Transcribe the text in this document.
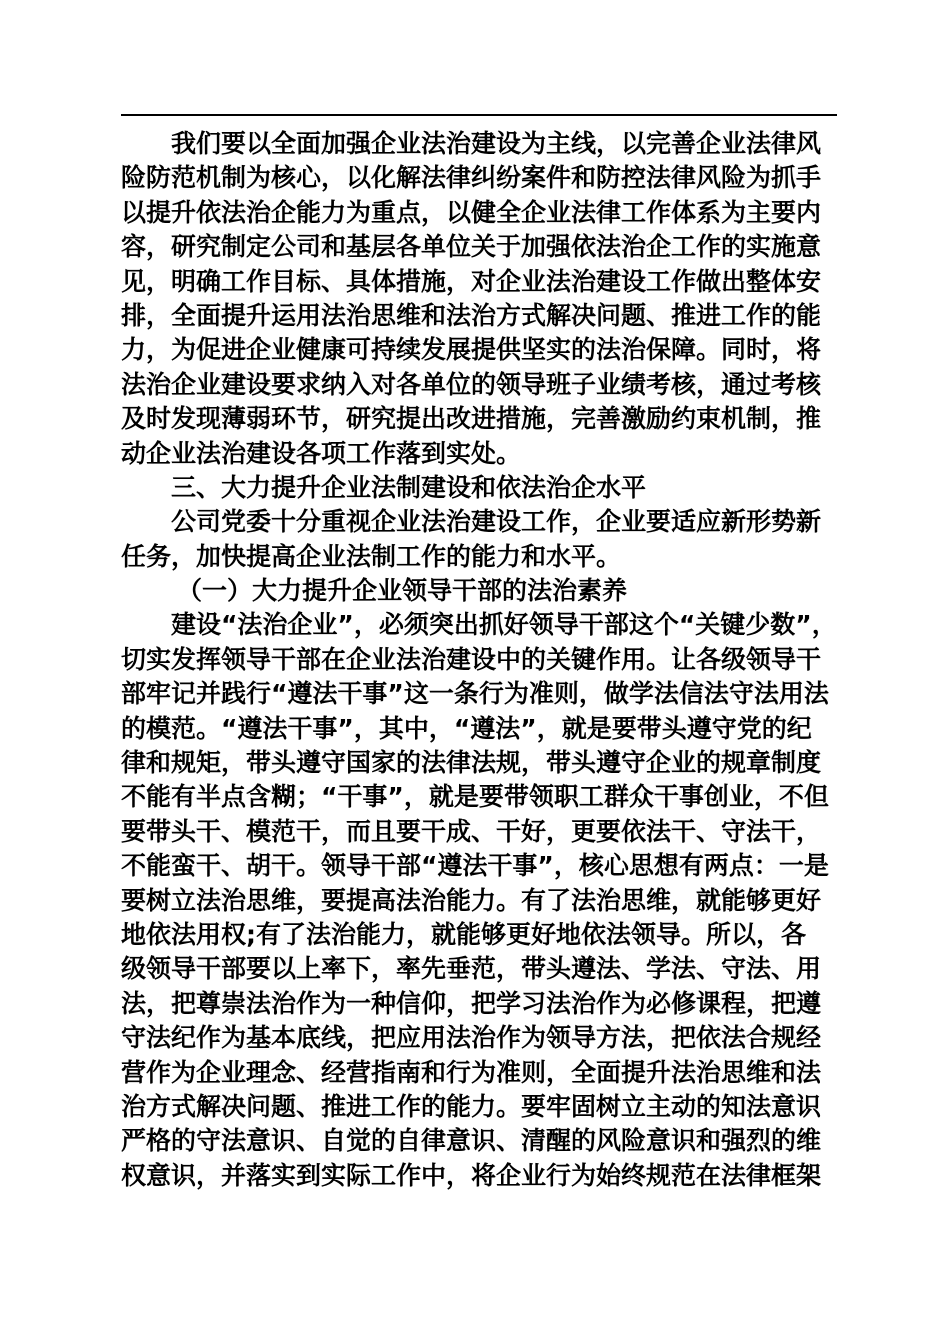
我们要以全面加强企业法治建设为主线，以完善企业法律风
险防范机制为核心，以化解法律纠纷案件和防控法律风险为抓手
以提升依法治企能力为重点，以健全企业法律工作体系为主要内
容，研究制定公司和基层各单位关于加强依法治企工作的实施意
见，明确工作目标、具体措施，对企业法治建设工作做出整体安
排，全面提升运用法治思维和法治方式解决问题、推进工作的能
力，为促进企业健康可持续发展提供坚实的法治保障。同时，将
法治企业建设要求纳入对各单位的领导班子业绩考核，通过考核
及时发现薄弱环节，研究提出改进措施，完善激励约束机制，推
动企业法治建设各项工作落到实处。
三、大力提升企业法制建设和依法治企水平
公司党委十分重视企业法治建设工作，企业要适应新形势新
任务，加快提高企业法制工作的能力和水平。
（一）大力提升企业领导干部的法治素养
建设“法治企业”，必须突出抓好领导干部这个“关键少数”，
切实发挥领导干部在企业法治建设中的关键作用。让各级领导干
部牢记并践行“遵法干事”这一条行为准则，做学法信法守法用法
的模范。“遵法干事”，其中，“遵法”，就是要带头遵守党的纪
律和规矩，带头遵守国家的法律法规，带头遵守企业的规章制度
不能有半点含糊；“干事”，就是要带领职工群众干事创业，不但
要带头干、模范干，而且要干成、干好，更要依法干、守法干，
不能蛮干、胡干。领导干部“遵法干事”，核心思想有两点：一是
要树立法治思维，要提高法治能力。有了法治思维，就能够更好
地依法用权;有了法治能力，就能够更好地依法领导。所以，各
级领导干部要以上率下，率先垂范，带头遵法、学法、守法、用
法，把尊崇法治作为一种信仰，把学习法治作为必修课程，把遵
守法纪作为基本底线，把应用法治作为领导方法，把依法合规经
营作为企业理念、经营指南和行为准则，全面提升法治思维和法
治方式解决问题、推进工作的能力。要牢固树立主动的知法意识
严格的守法意识、自觉的自律意识、清醒的风险意识和强烈的维
权意识，并落实到实际工作中，将企业行为始终规范在法律框架
